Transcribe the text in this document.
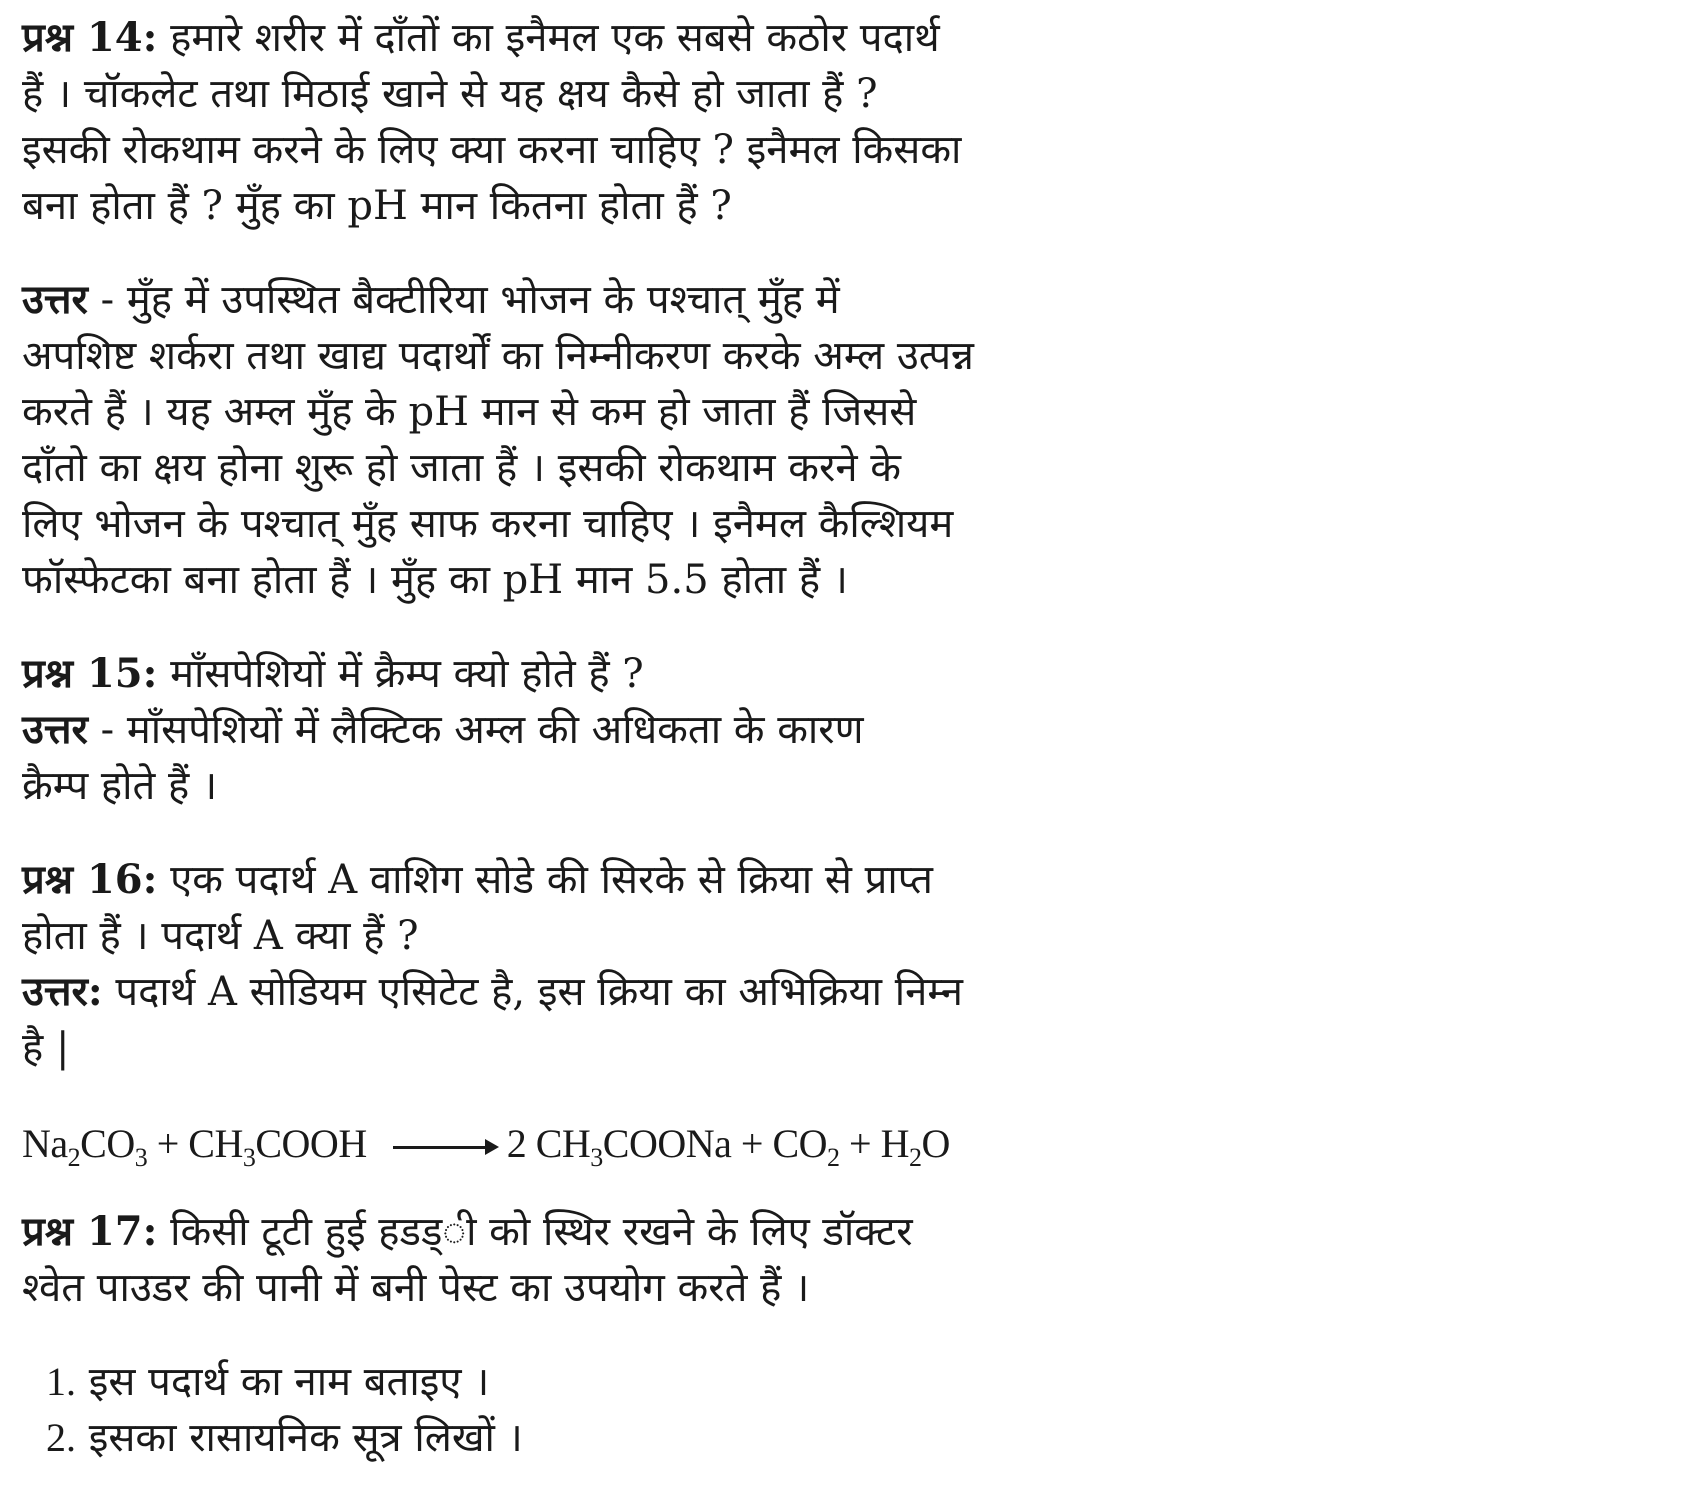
प्रश्न 14: हमारे शरीर में दाँतों का इनैमल एक सबसे कठोर पदार्थ
हैं । चॉकलेट तथा मिठाई खाने से यह क्षय कैसे हो जाता हैं ?
इसकी रोकथाम करने के लिए क्या करना चाहिए ? इनैमल किसका
बना होता हैं ? मुँह का pH मान कितना होता हैं ?
उत्तर - मुँह में उपस्थित बैक्टीरिया भोजन के पश्चात् मुँह में
अपशिष्ट शर्करा तथा खाद्य पदार्थों का निम्नीकरण करके अम्ल उत्पन्न
करते हैं । यह अम्ल मुँह के pH मान से कम हो जाता हैं जिससे
दाँतो का क्षय होना शुरू हो जाता हैं । इसकी रोकथाम करने के
लिए भोजन के पश्चात् मुँह साफ करना चाहिए । इनैमल कैल्शियम
फॉस्फेटका बना होता हैं । मुँह का pH मान 5.5 होता हैं ।
प्रश्न 15: माँसपेशियों में क्रैम्प क्यो होते हैं ?
उत्तर - माँसपेशियों में लैक्टिक अम्ल की अधिकता के कारण
क्रैम्प होते हैं ।
प्रश्न 16: एक पदार्थ A वाशिग सोडे की सिरके से क्रिया से प्राप्त
होता हैं । पदार्थ A क्या हैं ?
उत्तर: पदार्थ A सोडियम एसिटेट है, इस क्रिया का अभिक्रिया निम्न
है |
$Na_2CO_3$ + $CH_3COOH \to 2$ $CH_3COONa + CO_2 + H_2O$
प्रश्न 17: किसी टूटी हुई हडड्ी को स्थिर रखने के लिए डॉक्टर
श्वेत पाउडर की पानी में बनी पेस्ट का उपयोग करते हैं ।
1. इस पदार्थ का नाम बताइए ।
2. इसका रासायनिक सूत्र लिखों ।
